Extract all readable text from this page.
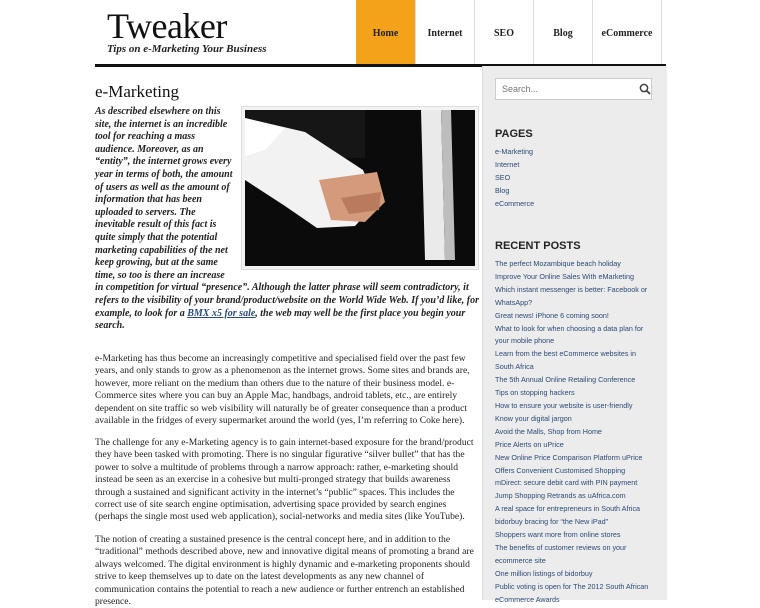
Tweaker
Tips on e-Marketing Your Business
Home	Internet	SEO	Blog	eCommerce
e-Marketing
As described elsewhere on this site, the internet is an incredible tool for reaching a mass audience. Moreover, as an “entity”, the internet grows every year in terms of both, the amount of users as well as the amount of information that has been uploaded to servers. The inevitable result of this fact is quite simply that the potential marketing capabilities of the net keep growing, but at the same time, so too is there an increase in competition for virtual “presence”. Although the latter phrase will seem contradictory, it refers to the visibility of your brand/product/website on the World Wide Web. If you’d like, for example, to look for a BMX x5 for sale, the web may well be the first place you begin your search.
e-Marketing has thus become an increasingly competitive and specialised field over the past few years, and only stands to grow as a phenomenon as the internet grows. Some sites and brands are, however, more reliant on the medium than others due to the nature of their business model. e-Commerce sites where you can buy an Apple Mac, handbags, android tablets, etc., are entirely dependent on site traffic so web visibility will naturally be of greater consequence than a product available in the fridges of every supermarket around the world (yes, I’m referring to Coke here).
The challenge for any e-Marketing agency is to gain internet-based exposure for the brand/product they have been tasked with promoting. There is no singular figurative “silver bullet” that has the power to solve a multitude of problems through a narrow approach: rather, e-marketing should instead be seen as an exercise in a cohesive but multi-pronged strategy that builds awareness through a sustained and significant activity in the internet’s “public” spaces. This includes the correct use of site search engine optimisation, advertising space provided by search engines (perhaps the single most used web application), social-networks and media sites (like YouTube).
The notion of creating a sustained presence is the central concept here, and in addition to the “traditional” methods described above, new and innovative digital means of promoting a brand are always welcomed. The digital environment is highly dynamic and e-marketing proponents should strive to keep themselves up to date on the latest developments as any new channel of communication contains the potential to reach a new audience or further entrench an established presence.
Search...
PAGES
e-Marketing
Internet
SEO
Blog
eCommerce
RECENT POSTS
The perfect Mozambique beach holiday
Improve Your Online Sales With eMarketing
Which instant messenger is better: Facebook or
WhatsApp?
Great news! iPhone 6 coming soon!
What to look for when choosing a data plan for
your mobile phone
Learn from the best eCommerce websites in
South Africa
The 5th Annual Online Retailing Conference
Tips on stopping hackers
How to ensure your website is user-friendly
Know your digital jargon
Avoid the Malls, Shop from Home
Price Alerts on uPrice
New Online Price Comparison Platform uPrice
Offers Convenient Customised Shopping
mDirect: secure debit card with PIN payment
Jump Shopping Retrands as uAfrica.com
A real space for entrepreneurs in South Africa
bidorbuy bracing for “the New iPad”
Shoppers want more from online stores
The benefits of customer reviews on your
ecommerce site
One million listings of bidorbuy
Public voting is open for The 2012 South African
eCommerce Awards
